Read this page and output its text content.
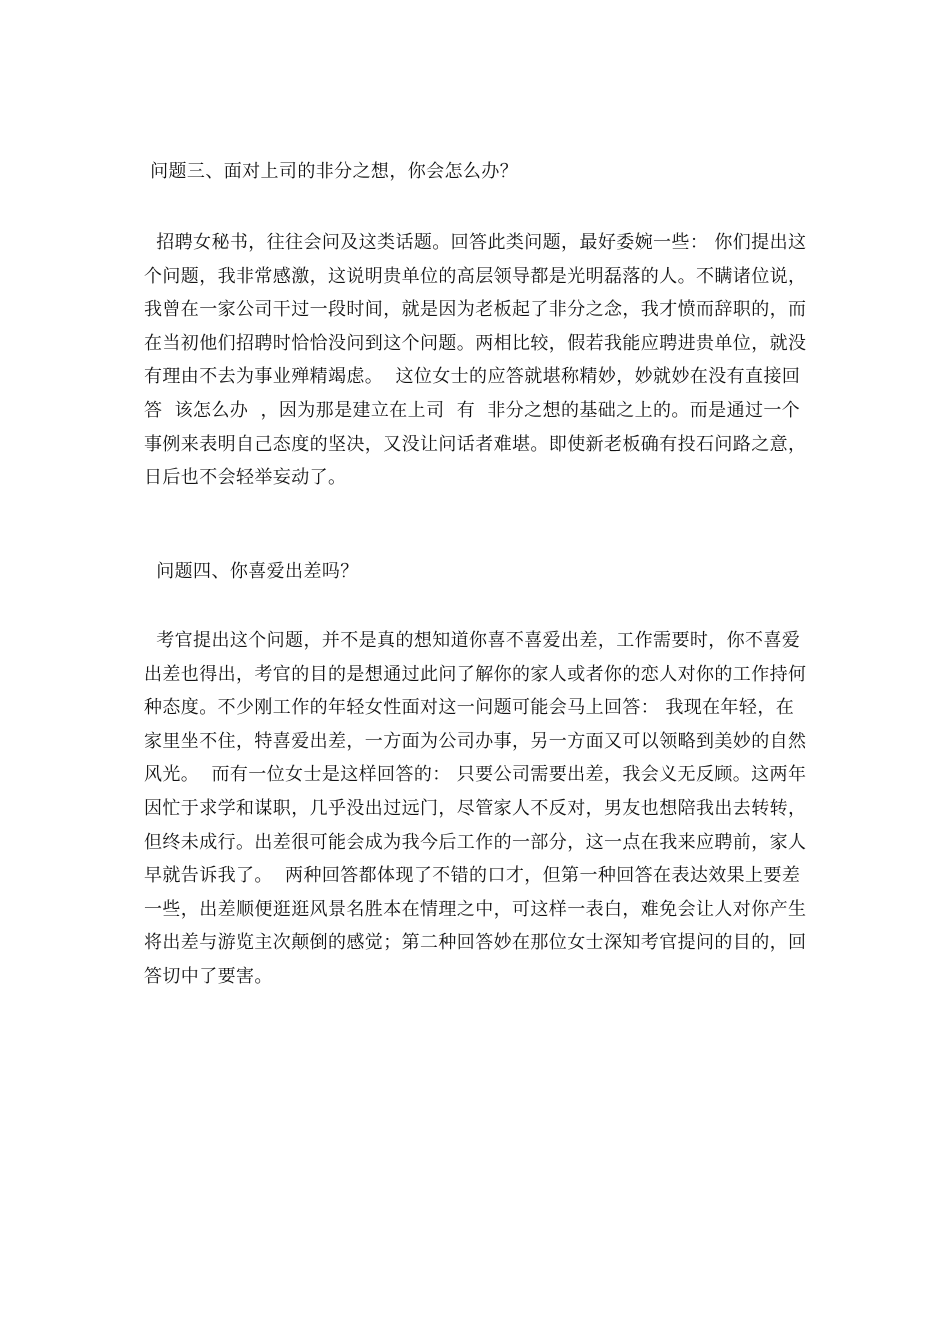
问题三、面对上司的非分之想，你会怎么办？
招聘女秘书，往往会问及这类话题。回答此类问题，最好委婉一些： 你们提出这个问题，我非常感激，这说明贵单位的高层领导都是光明磊落的人。不瞒诸位说，我曾在一家公司干过一段时间，就是因为老板起了非分之念，我才愤而辞职的，而在当初他们招聘时恰恰没问到这个问题。两相比较，假若我能应聘进贵单位，就没有理由不去为事业殚精竭虑。  这位女士的应答就堪称精妙，妙就妙在没有直接回答  该怎么办  ，因为那是建立在上司  有  非分之想的基础之上的。而是通过一个事例来表明自己态度的坚决，又没让问话者难堪。即使新老板确有投石问路之意，日后也不会轻举妄动了。
问题四、你喜爱出差吗？
考官提出这个问题，并不是真的想知道你喜不喜爱出差，工作需要时，你不喜爱出差也得出，考官的目的是想通过此问了解你的家人或者你的恋人对你的工作持何种态度。不少刚工作的年轻女性面对这一问题可能会马上回答： 我现在年轻，在家里坐不住，特喜爱出差，一方面为公司办事，另一方面又可以领略到美妙的自然风光。  而有一位女士是这样回答的： 只要公司需要出差，我会义无反顾。这两年因忙于求学和谋职，几乎没出过远门，尽管家人不反对，男友也想陪我出去转转，但终未成行。出差很可能会成为我今后工作的一部分，这一点在我来应聘前，家人早就告诉我了。  两种回答都体现了不错的口才，但第一种回答在表达效果上要差一些，出差顺便逛逛风景名胜本在情理之中，可这样一表白，难免会让人对你产生将出差与游览主次颠倒的感觉；第二种回答妙在那位女士深知考官提问的目的，回答切中了要害。
